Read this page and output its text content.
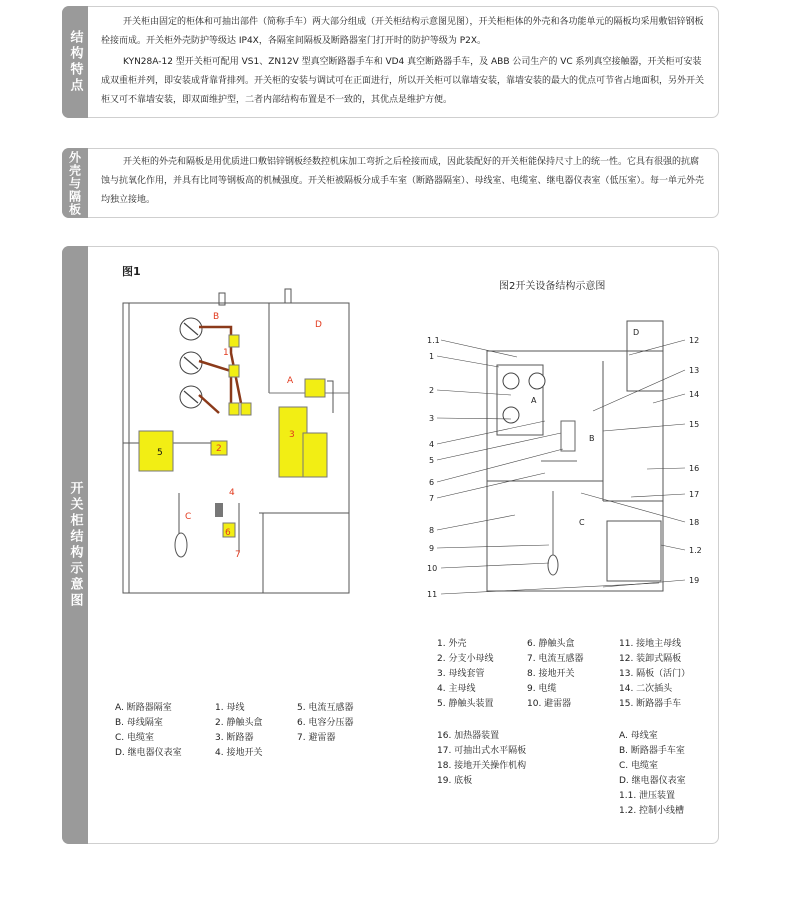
结构特点

开关柜由固定的柜体和可抽出部件（简称手车）两大部分组成（开关柜结构示意图见图），开关柜柜体的外壳和各功能单元的隔板均采用敷铝锌钢板栓接而成。开关柜外壳防护等级达 IP4X，各隔室间隔板及断路器室门打开时的防护等级为 P2X。

KYN28A-12 型开关柜可配用 VS1、ZN12V 型真空断路器手车和 VD4 真空断路器手车，及 ABB 公司生产的 VC 系列真空接触器，开关柜可安装成双重柜并列，即安装成背靠背排列。开关柜的安装与调试可在正面进行，所以开关柜可以靠墙安装，靠墙安装的最大的优点可节省占地面积，另外开关柜又可不靠墙安装，即双面维护型，二者内部结构布置是不一致的，其优点是维护方便。

外壳与隔板	开关柜的外壳和隔板是用优质进口敷铝锌钢板经数控机床加工弯折之后栓接而成，因此装配好的开关柜能保持尺寸上的统一性。它具有很强的抗腐蚀与抗氧化作用，并具有比同等钢板高的机械强度。开关柜被隔板分成手车室（断路器隔室）、母线室、电缆室、继电器仪表室（低压室）。每一单元外壳均独立接地。

开关柜结构示意图
图1
图2开关设备结构示意图
B
A
C
D
1
2
3
4
5
6
7
A
B
C
D
1.1
1
2
3
4
5
6
7
8
9
10
11
12
13
14
15
16
17
18
1.2
19
A. 断路器隔室
B. 母线隔室
C. 电缆室
D. 继电器仪表室
1. 母线
2. 静触头盒
3. 断路器
4. 接地开关
5. 电流互感器
6. 电容分压器
7. 避雷器
1. 外壳
2. 分支小母线
3. 母线套管
4. 主母线
5. 静触头装置
6. 静触头盒
7. 电流互感器
8. 接地开关
9. 电缆
10. 避雷器
11. 接地主母线
12. 装卸式隔板
13. 隔板（活门）
14. 二次插头
15. 断路器手车
16. 加热器装置
17. 可抽出式水平隔板
18. 接地开关操作机构
19. 底板
A. 母线室
B. 断路器手车室
C. 电缆室
D. 继电器仪表室
1.1. 泄压装置
1.2. 控制小线槽
